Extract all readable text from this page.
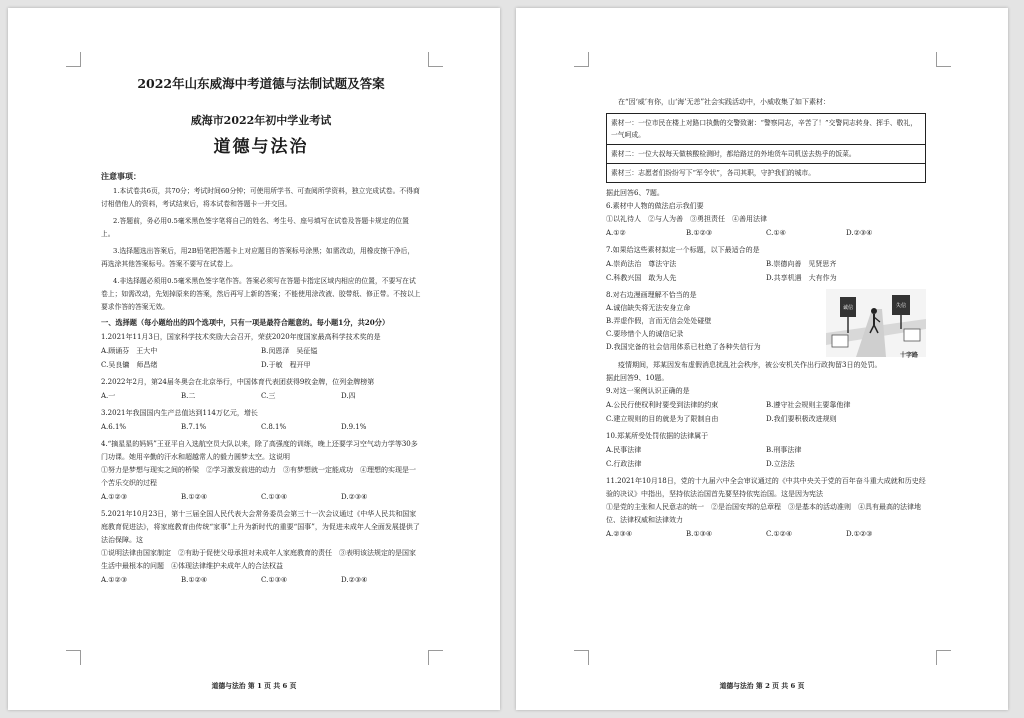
2022年山东威海中考道德与法制试题及答案
威海市2022年初中学业考试
道德与法治
注意事项：
1.本试卷共6页，共70分；考试时间60分钟；可使用所学书、可查阅所学资料，独立完成试卷。不得商讨相借他人的资料，考试结束后，将本试卷和答题卡一并交回。
2.答题前，务必用0.5毫米黑色签字笔将自己的姓名、考生号、座号填写在试卷及答题卡规定的位置上。
3.选择题选出答案后，用2B铅笔把答题卡上对应题目的答案标号涂黑；如需改动，用橡皮擦干净后，再选涂其他答案标号。答案不要写在试卷上。
4.非选择题必须用0.5毫米黑色签字笔作答。答案必须写在答题卡指定区域内相应的位置，不要写在试卷上；如需改动，先划掉原来的答案，然后再写上新的答案；不能使用涂改液、胶带纸、修正带。不按以上要求作答的答案无效。
一、选择题（每小题给出的四个选项中，只有一项是最符合题意的。每小题1分，共20分）
1.2021年11月3日，国家科学技术奖励大会召开，荣获2020年度国家最高科学技术奖的是
A.顾诵芬　王大中	B.闵恩泽　吴征镒
C.吴良镛　师昌绪	D.于敏　程开甲
2.2022年2月，第24届冬奥会在北京举行，中国体育代表团获得9枚金牌，位列金牌榜第
A.一	B.二	C.三	D.四
3.2021年我国国内生产总值达到114万亿元，增长
A.6.1%	B.7.1%	C.8.1%	D.9.1%
4.“摘星星的妈妈”王亚平自入选航空员大队以来，除了高强度的训练，晚上还要学习空气动力学等30多门功课。她用辛勤的汗水和超越常人的毅力圆梦太空。这说明
①努力是梦想与现实之间的桥梁　②学习激发前进的动力　③有梦想就一定能成功　④理想的实现是一个苦乐交织的过程
A.①②③	B.①②④	C.①③④	D.②③④
5.2021年10月23日，第十三届全国人民代表大会常务委员会第三十一次会议通过《中华人民共和国家庭教育促进法》，将家庭教育由传统“家事”上升为新时代的重要“国事”，为促进未成年人全面发展提供了法治保障。这
①说明法律由国家制定　②有助于促使父母承担对未成年人家庭教育的责任　③表明该法规定的是国家生活中最根本的问题　④体现法律维护未成年人的合法权益
A.①②③	B.①②④	C.①③④	D.②③④
道德与法治 第 1 页 共 6 页
在“因‘威’有你，山‘海’无恙”社会实践活动中，小威收集了如下素材：
素材一：一位市民在楼上对路口执勤的交警致谢：“警察同志，辛苦了！”交警同志转身、挥手、敬礼，一气呵成。
素材二：一位大叔每天做核酸检测时，都给路过的外地货车司机送去热乎的饭菜。
素材三：志愿者们纷纷写下“军令状”，各司其职，守护我们的城市。
据此回答6、7题。
6.素材中人物的做法启示我们要
①以礼待人　②与人为善　③勇担责任　④善用法律
A.①②	B.①②③	C.①④	D.②③④
7.如果给这些素材拟定一个标题，以下最适合的是
A.崇尚法治　尊法守法	B.崇德向善　见贤思齐
C.科教兴国　敢为人先	D.共享机遇　大有作为
诚信	失信
十字路
8.对右边漫画理解不恰当的是
A.诚信缺失将无法安身立命
B.弄虚作假，言而无信会处处碰壁
C.要珍惜个人的诚信记录
D.我国完备的社会信用体系已杜绝了各种失信行为
疫情期间，郑某因发布虚假消息扰乱社会秩序，被公安机关作出行政拘留3日的处罚。
据此回答9、10题。
9.对这一案例认识正确的是
A.公民行使权利时要受到法律的约束	B.遵守社会规则主要靠他律
C.建立规则的目的就是为了限制自由	D.我们要积极改进规则
10.郑某所受处罚依据的法律属于
A.民事法律	B.刑事法律
C.行政法律	D.立法法
11.2021年10月18日，党的十九届六中全会审议通过的《中共中央关于党的百年奋斗重大成就和历史经验的决议》中指出，坚持依法治国首先要坚持依宪治国。这是因为宪法
①是党的主张和人民意志的统一　②是治国安邦的总章程　③是基本的活动准则　④具有最高的法律地位、法律权威和法律效力
A.②③④	B.①③④	C.①②④	D.①②③
道德与法治 第 2 页 共 6 页
